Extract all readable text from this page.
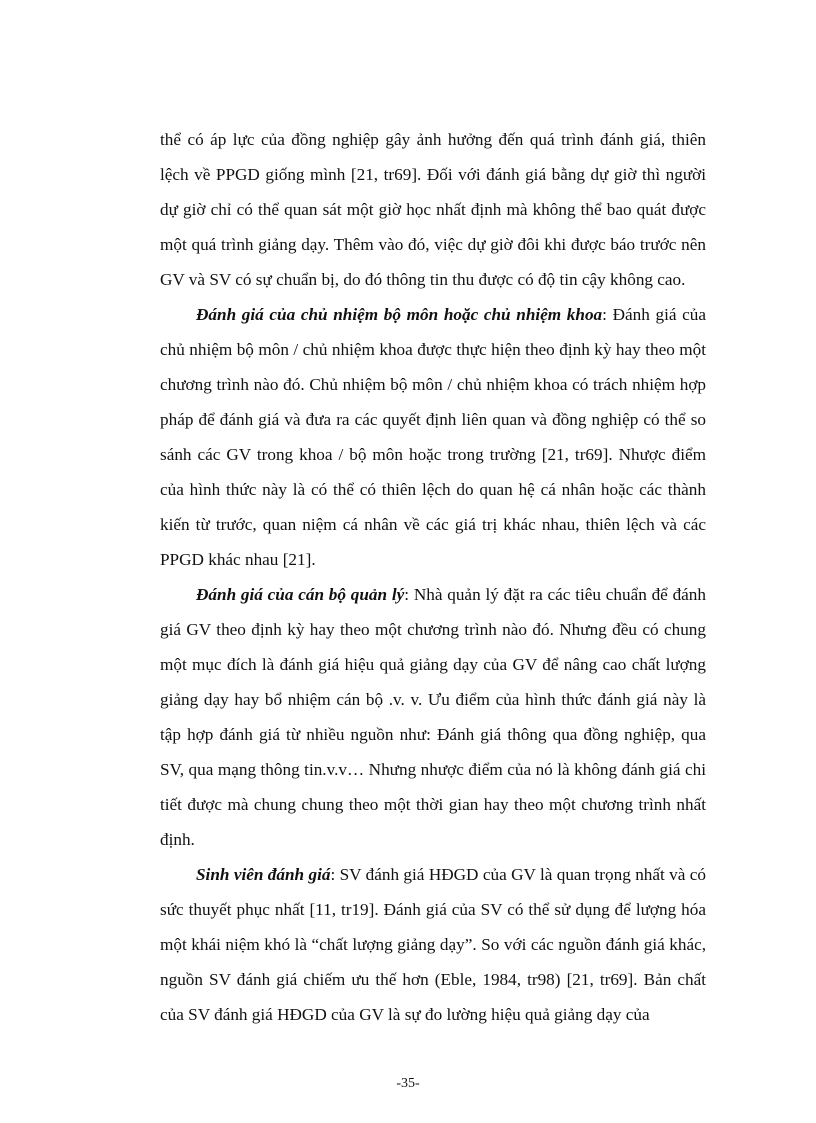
thể có áp lực của đồng nghiệp gây ảnh hưởng đến quá trình đánh giá, thiên lệch về PPGD giống mình [21, tr69]. Đối với đánh giá bằng dự giờ thì người dự giờ chỉ có thể quan sát một giờ học nhất định mà không thể bao quát được một quá trình giảng dạy. Thêm vào đó, việc dự giờ đôi khi được báo trước nên GV và SV có sự chuẩn bị, do đó thông tin thu được có độ tin cậy không cao.

Đánh giá của chủ nhiệm bộ môn hoặc chủ nhiệm khoa: Đánh giá của chủ nhiệm bộ môn / chủ nhiệm khoa được thực hiện theo định kỳ hay theo một chương trình nào đó. Chủ nhiệm bộ môn / chủ nhiệm khoa có trách nhiệm hợp pháp để đánh giá và đưa ra các quyết định liên quan và đồng nghiệp có thể so sánh các GV trong khoa / bộ môn hoặc trong trường [21, tr69]. Nhược điểm của hình thức này là có thể có thiên lệch do quan hệ cá nhân hoặc các thành kiến từ trước, quan niệm cá nhân về các giá trị khác nhau, thiên lệch và các PPGD khác nhau [21].

Đánh giá của cán bộ quản lý: Nhà quản lý đặt ra các tiêu chuẩn để đánh giá GV theo định kỳ hay theo một chương trình nào đó. Nhưng đều có chung một mục đích là đánh giá hiệu quả giảng dạy của GV để nâng cao chất lượng giảng dạy hay bổ nhiệm cán bộ .v. v. Ưu điểm của hình thức đánh giá này là tập hợp đánh giá từ nhiều nguồn như: Đánh giá thông qua đồng nghiệp, qua SV, qua mạng thông tin.v.v… Nhưng nhược điểm của nó là không đánh giá chi tiết được mà chung chung theo một thời gian hay theo một chương trình nhất định.

Sinh viên đánh giá: SV đánh giá HĐGD của GV là quan trọng nhất và có sức thuyết phục nhất [11, tr19]. Đánh giá của SV có thể sử dụng để lượng hóa một khái niệm khó là “chất lượng giảng dạy”. So với các nguồn đánh giá khác, nguồn SV đánh giá chiếm ưu thế hơn (Eble, 1984, tr98) [21, tr69]. Bản chất của SV đánh giá HĐGD của GV là sự đo lường hiệu quả giảng dạy của

-35-
